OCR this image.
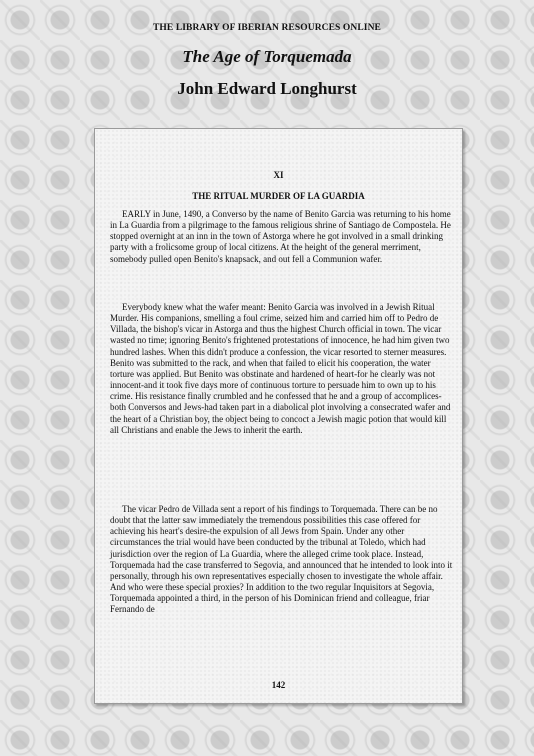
THE LIBRARY OF IBERIAN RESOURCES ONLINE
The Age of Torquemada
John Edward Longhurst
XI
THE RITUAL MURDER OF LA GUARDIA

EARLY in June, 1490, a Converso by the name of Benito Garcia was returning to his home in La Guardia from a pilgrimage to the famous religious shrine of Santiago de Compostela. He stopped overnight at an inn in the town of Astorga where he got involved in a small drinking party with a frolicsome group of local citizens. At the height of the general merriment, somebody pulled open Benito's knapsack, and out fell a Communion wafer.

Everybody knew what the wafer meant: Benito Garcia was involved in a Jewish Ritual Murder. His companions, smelling a foul crime, seized him and carried him off to Pedro de Villada, the bishop's vicar in Astorga and thus the highest Church official in town. The vicar wasted no time; ignoring Benito's frightened protestations of innocence, he had him given two hundred lashes. When this didn't produce a confession, the vicar resorted to sterner measures. Benito was submitted to the rack, and when that failed to elicit his cooperation, the water torture was applied. But Benito was obstinate and hardened of heart-for he clearly was not innocent-and it took five days more of continuous torture to persuade him to own up to his crime. His resistance finally crumbled and he confessed that he and a group of accomplices-both Conversos and Jews-had taken part in a diabolical plot involving a consecrated wafer and the heart of a Christian boy, the object being to concoct a Jewish magic potion that would kill all Christians and enable the Jews to inherit the earth.

The vicar Pedro de Villada sent a report of his findings to Torquemada. There can be no doubt that the latter saw immediately the tremendous possibilities this case offered for achieving his heart's desire-the expulsion of all Jews from Spain. Under any other circumstances the trial would have been conducted by the tribunal at Toledo, which had jurisdiction over the region of La Guardia, where the alleged crime took place. Instead, Torquemada had the case transferred to Segovia, and announced that he intended to look into it personally, through his own representatives especially chosen to investigate the whole affair. And who were these special proxies? In addition to the two regular Inquisitors at Segovia, Torquemada appointed a third, in the person of his Dominican friend and colleague, friar Fernando de

142
